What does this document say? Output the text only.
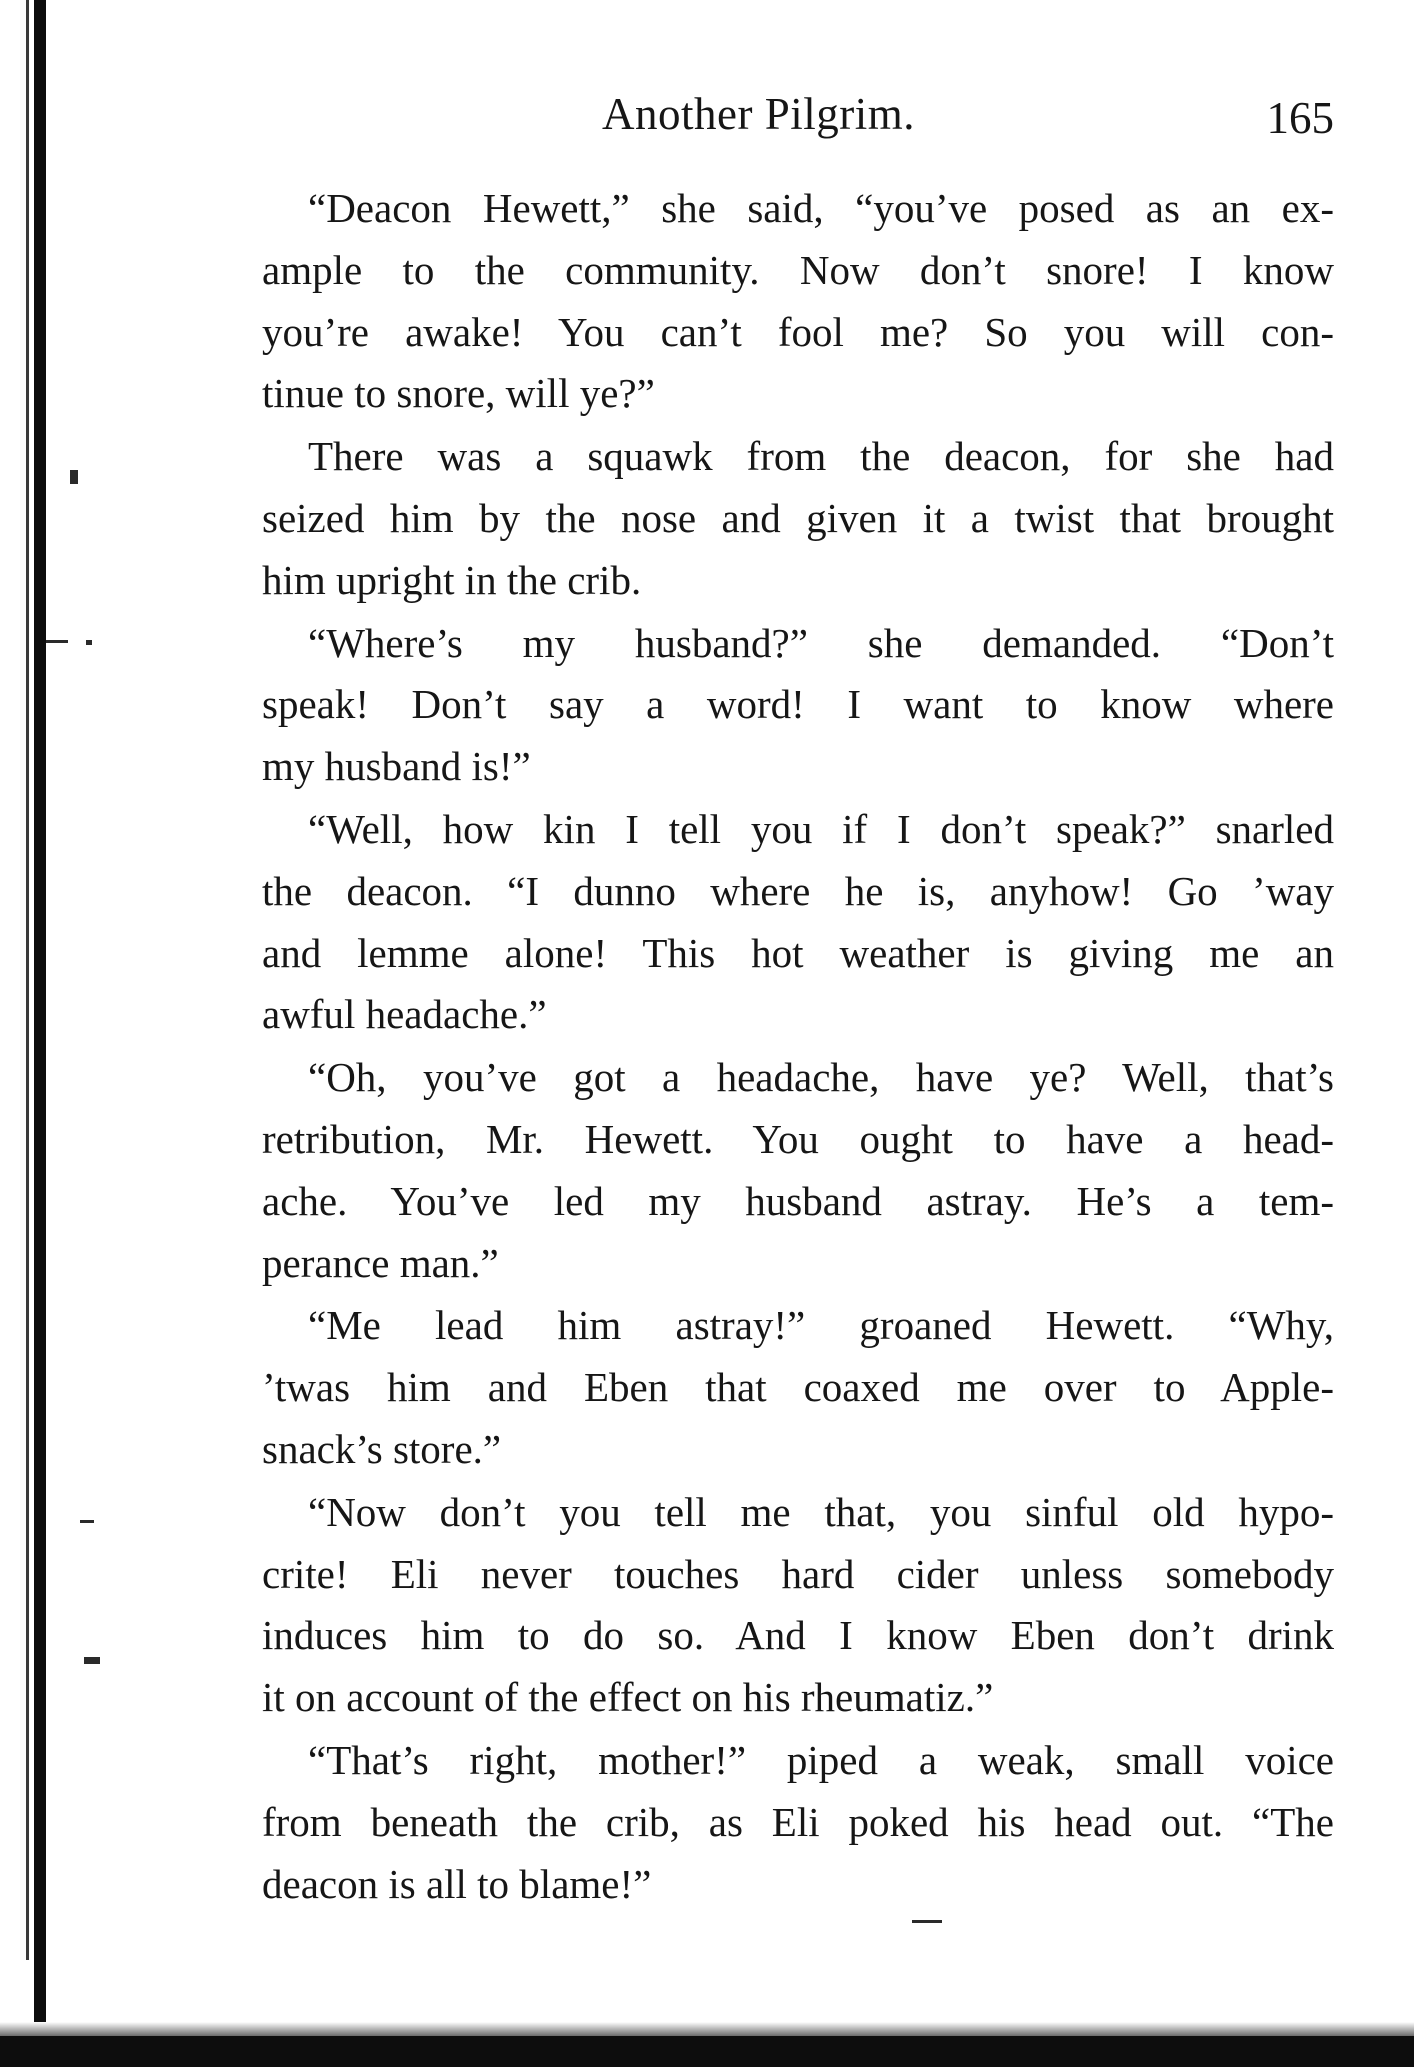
Another Pilgrim.	165
“Deacon Hewett,” she said, “you’ve posed as an ex-
ample to the community. Now don’t snore! I know
you’re awake! You can’t fool me? So you will con-
tinue to snore, will ye?”
There was a squawk from the deacon, for she had
seized him by the nose and given it a twist that brought
him upright in the crib.
“Where’s my husband?” she demanded. “Don’t
speak! Don’t say a word! I want to know where
my husband is!”
“Well, how kin I tell you if I don’t speak?” snarled
the deacon. “I dunno where he is, anyhow! Go ’way
and lemme alone! This hot weather is giving me an
awful headache.”
“Oh, you’ve got a headache, have ye? Well, that’s
retribution, Mr. Hewett. You ought to have a head-
ache. You’ve led my husband astray. He’s a tem-
perance man.”
“Me lead him astray!” groaned Hewett. “Why,
’twas him and Eben that coaxed me over to Apple-
snack’s store.”
“Now don’t you tell me that, you sinful old hypo-
crite! Eli never touches hard cider unless somebody
induces him to do so. And I know Eben don’t drink
it on account of the effect on his rheumatiz.”
“That’s right, mother!” piped a weak, small voice
from beneath the crib, as Eli poked his head out. “The
deacon is all to blame!”
